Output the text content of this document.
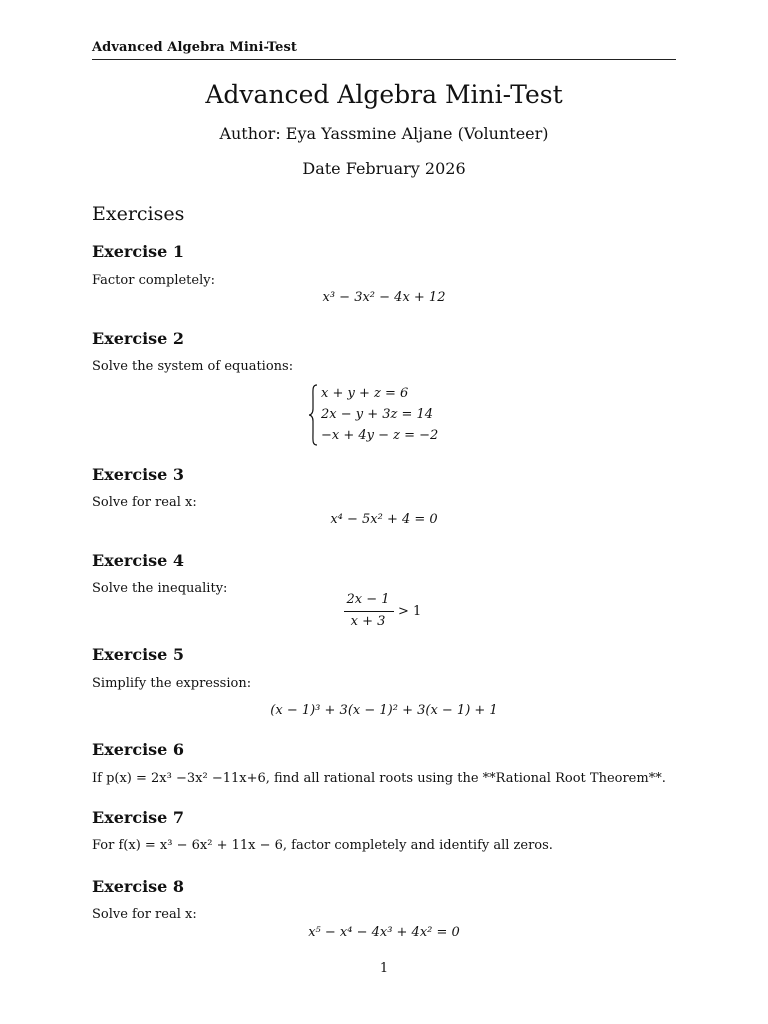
Advanced Algebra Mini-Test
Advanced Algebra Mini-Test
Author: Eya Yassmine Aljane (Volunteer)
Date February 2026
Exercises
Exercise 1
Factor completely:
x³ − 3x² − 4x + 12
Exercise 2
Solve the system of equations:
x + y + z = 6
2x − y + 3z = 14
−x + 4y − z = −2
Exercise 3
Solve for real x:
x⁴ − 5x² + 4 = 0
Exercise 4
Solve the inequality:
2x − 1
x + 3
> 1
Exercise 5
Simplify the expression:
(x − 1)³ + 3(x − 1)² + 3(x − 1) + 1
Exercise 6
If p(x) = 2x³ −3x² −11x+6, find all rational roots using the **Rational Root Theorem**.
Exercise 7
For f(x) = x³ − 6x² + 11x − 6, factor completely and identify all zeros.
Exercise 8
Solve for real x:
x⁵ − x⁴ − 4x³ + 4x² = 0
1
